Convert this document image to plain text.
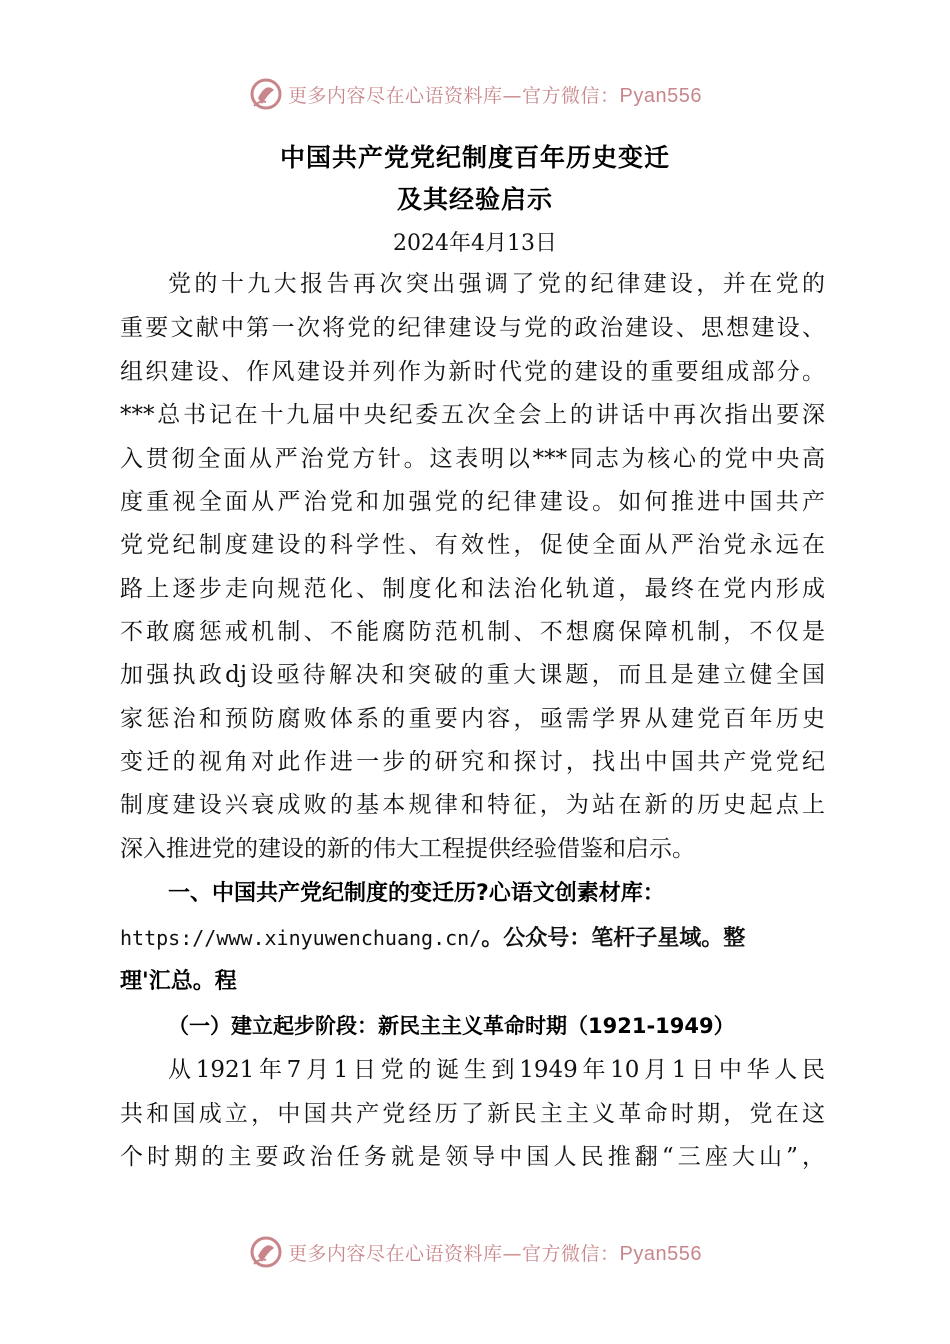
更多内容尽在心语资料库—官方微信：Pyan556
中国共产党党纪制度百年历史变迁
及其经验启示
2024年4月13日
党的十九大报告再次突出强调了党的纪律建设，并在党的
重要文献中第一次将党的纪律建设与党的政治建设、思想建设、
组织建设、作风建设并列作为新时代党的建设的重要组成部分。
***总书记在十九届中央纪委五次全会上的讲话中再次指出要深
入贯彻全面从严治党方针。这表明以***同志为核心的党中央高
度重视全面从严治党和加强党的纪律建设。如何推进中国共产
党党纪制度建设的科学性、有效性，促使全面从严治党永远在
路上逐步走向规范化、制度化和法治化轨道，最终在党内形成
不敢腐惩戒机制、不能腐防范机制、不想腐保障机制，不仅是
加强执政dj设亟待解决和突破的重大课题，而且是建立健全国
家惩治和预防腐败体系的重要内容，亟需学界从建党百年历史
变迁的视角对此作进一步的研究和探讨，找出中国共产党党纪
制度建设兴衰成败的基本规律和特征，为站在新的历史起点上
深入推进党的建设的新的伟大工程提供经验借鉴和启示。
一、中国共产党纪制度的变迁历?心语文创素材库：
https://www.xinyuwenchuang.cn/。公众号：笔杆子星域。整
理'汇总。程
（一）建立起步阶段：新民主主义革命时期（1921-1949）
从1921年7月1日党的诞生到1949年10月1日中华人民
共和国成立，中国共产党经历了新民主主义革命时期，党在这
个时期的主要政治任务就是领导中国人民推翻“三座大山”，
更多内容尽在心语资料库—官方微信：Pyan556
